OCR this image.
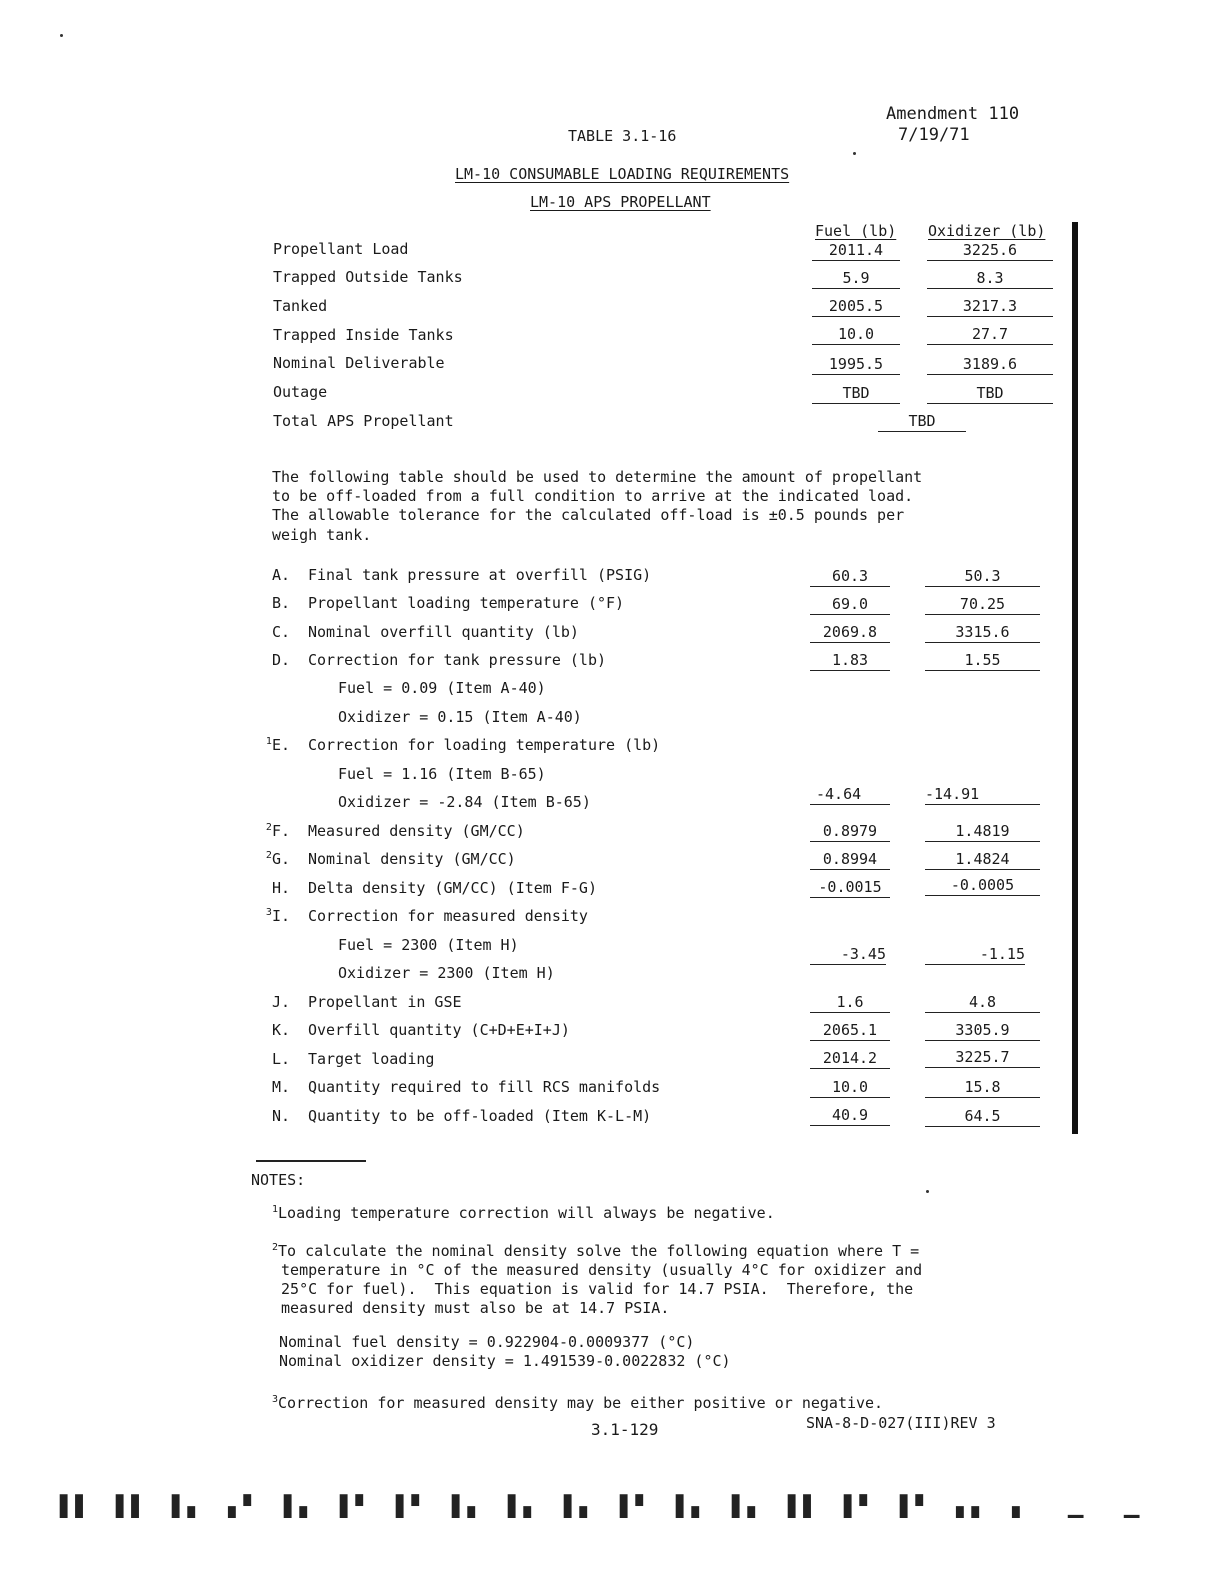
Amendment 110
7/19/71
TABLE 3.1-16
LM-10 CONSUMABLE LOADING REQUIREMENTS
LM-10 APS PROPELLANT
Fuel (lb) Oxidizer (lb)
Propellant Load	2011.4	3225.6
Trapped Outside Tanks	5.9	8.3
Tanked	2005.5	3217.3
Trapped Inside Tanks	10.0	27.7
Nominal Deliverable	1995.5	3189.6
Outage	TBD	TBD
Total APS Propellant	TBD
The following table should be used to determine the amount of propellant
to be off-loaded from a full condition to arrive at the indicated load.
The allowable tolerance for the calculated off-load is ±0.5 pounds per
weigh tank.
A. Final tank pressure at overfill (PSIG)	60.3	50.3
B. Propellant loading temperature (°F)	69.0	70.25
C. Nominal overfill quantity (lb)	2069.8	3315.6
D. Correction for tank pressure (lb)	1.83	1.55
Fuel = 0.09 (Item A-40)
Oxidizer = 0.15 (Item A-40)
$^1$E. Correction for loading temperature (lb)
Fuel = 1.16 (Item B-65)
Oxidizer = -2.84 (Item B-65)	-4.64	-14.91
$^2$F. Measured density (GM/CC)	0.8979	1.4819
$^2$G. Nominal density (GM/CC)	0.8994	1.4824
H. Delta density (GM/CC) (Item F-G)	-0.0015	-0.0005
$^3$I. Correction for measured density
Fuel = 2300 (Item H)
Oxidizer = 2300 (Item H)
-3.45	-1.15
J. Propellant in GSE	1.6	4.8
K. Overfill quantity (C+D+E+I+J)	2065.1	3305.9
L. Target loading	2014.2	3225.7
M. Quantity required to fill RCS manifolds	10.0	15.8
N. Quantity to be off-loaded (Item K-L-M)	40.9	64.5
NOTES:
$^1$Loading temperature correction will always be negative.
$^2$To calculate the nominal density solve the following equation where T =
temperature in °C of the measured density (usually 4°C for oxidizer and
25°C for fuel).  This equation is valid for 14.7 PSIA.  Therefore, the
measured density must also be at 14.7 PSIA.
Nominal fuel density = 0.922904-0.0009377 (°C)
Nominal oxidizer density = 1.491539-0.0022832 (°C)
$^3$Correction for measured density may be either positive or negative.
3.1-129	SNA-8-D-027(III)REV 3
▌▌ ▌▌ ▌▖ ▖▘ ▌▖ ▌▘ ▌▘ ▌▖ ▌▖ ▌▖ ▌▘ ▌▖ ▌▖ ▌▌ ▌▘ ▌▘ ▖▖ ▖ ▁ ▁
